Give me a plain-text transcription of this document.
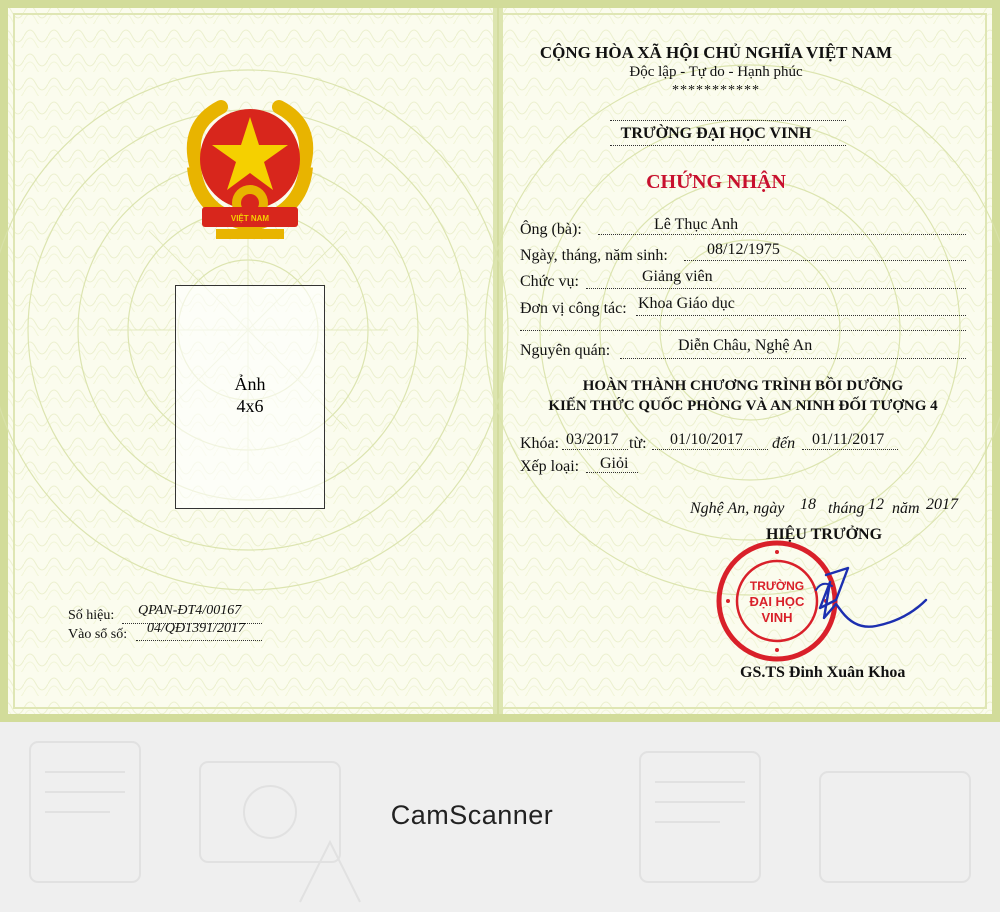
VIỆT NAM
Ảnh
4x6
Số hiệu: QPAN-ĐT4/00167
Vào sổ số: 04/QĐ1391/2017
CỘNG HÒA XÃ HỘI CHỦ NGHĨA VIỆT NAM
Độc lập - Tự do - Hạnh phúc
***********
TRƯỜNG ĐẠI HỌC VINH
CHỨNG NHẬN
Ông (bà):	Lê Thục Anh
Ngày, tháng, năm sinh: 08/12/1975
Chức vụ:	Giảng viên
Đơn vị công tác: Khoa Giáo dục
Nguyên quán:	Diễn Châu, Nghệ An
HOÀN THÀNH CHƯƠNG TRÌNH BỒI DƯỠNG
KIẾN THỨC QUỐC PHÒNG VÀ AN NINH ĐỐI TƯỢNG 4
Khóa: 03/2017 từ: 01/10/2017 đến 01/11/2017
Xếp loại: Giỏi
Nghệ An, ngày 18 tháng 12 năm 2017
HIỆU TRƯỞNG
TRƯỜNG
ĐẠI HỌC
VINH
GS.TS Đinh Xuân Khoa
CamScanner
